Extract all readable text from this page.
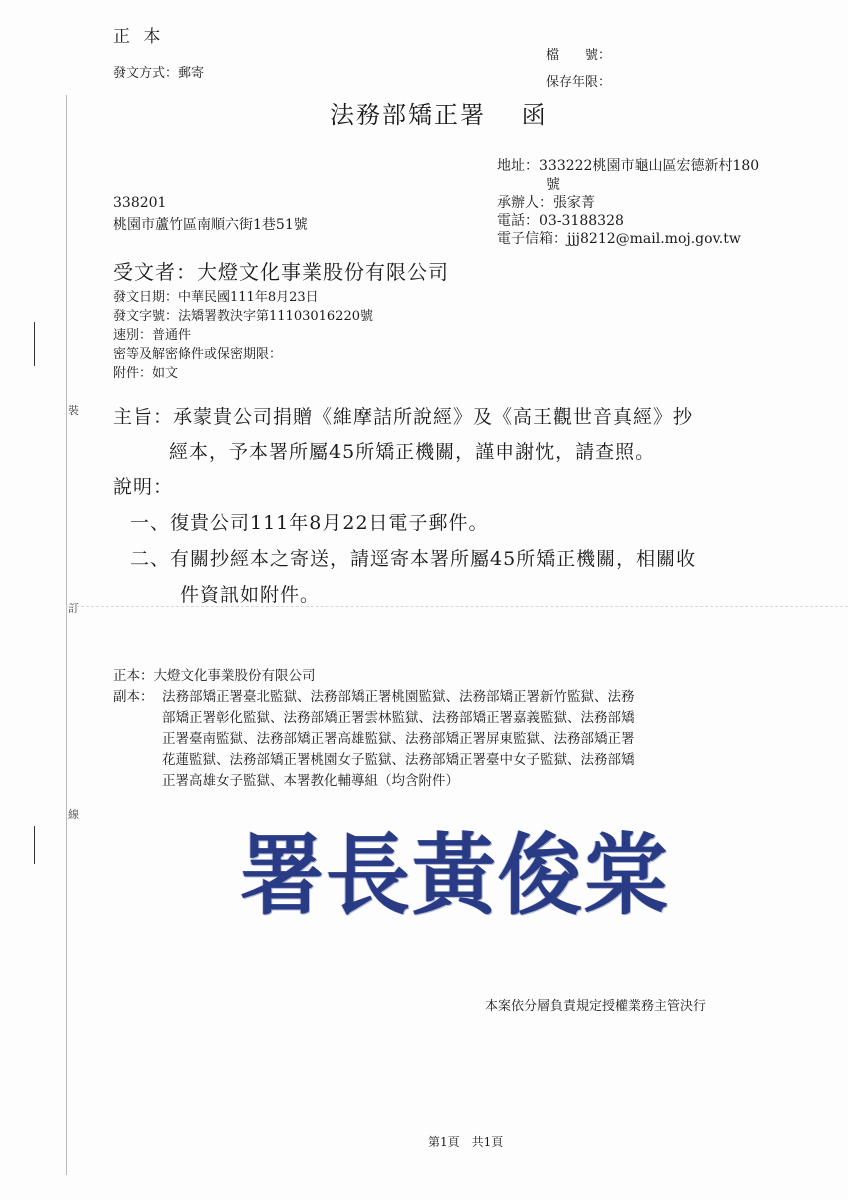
裝
訂
線
正 本
發文方式：郵寄
檔　　號：
保存年限：
法務部矯正署　 函
地址：333222桃園市龜山區宏德新村180
號
承辦人：張家菁
電話：03-3188328
電子信箱：jjj8212@mail.moj.gov.tw
338201
桃園市蘆竹區南順六街1巷51號
受文者：大燈文化事業股份有限公司
發文日期：中華民國111年8月23日
發文字號：法矯署教決字第11103016220號
速別：普通件
密等及解密條件或保密期限：
附件：如文
主旨：承蒙貴公司捐贈《維摩詰所說經》及《高王觀世音真經》抄
經本，予本署所屬45所矯正機關，謹申謝忱，請查照。
說明：
一、復貴公司111年8月22日電子郵件。
二、有關抄經本之寄送，請逕寄本署所屬45所矯正機關，相關收
件資訊如附件。
正本：大燈文化事業股份有限公司
副本： 法務部矯正署臺北監獄、法務部矯正署桃園監獄、法務部矯正署新竹監獄、法務
部矯正署彰化監獄、法務部矯正署雲林監獄、法務部矯正署嘉義監獄、法務部矯
正署臺南監獄、法務部矯正署高雄監獄、法務部矯正署屏東監獄、法務部矯正署
花蓮監獄、法務部矯正署桃園女子監獄、法務部矯正署臺中女子監獄、法務部矯
正署高雄女子監獄、本署教化輔導組（均含附件）
署長黃俊棠
本案依分層負責規定授權業務主管決行
第1頁　共1頁
